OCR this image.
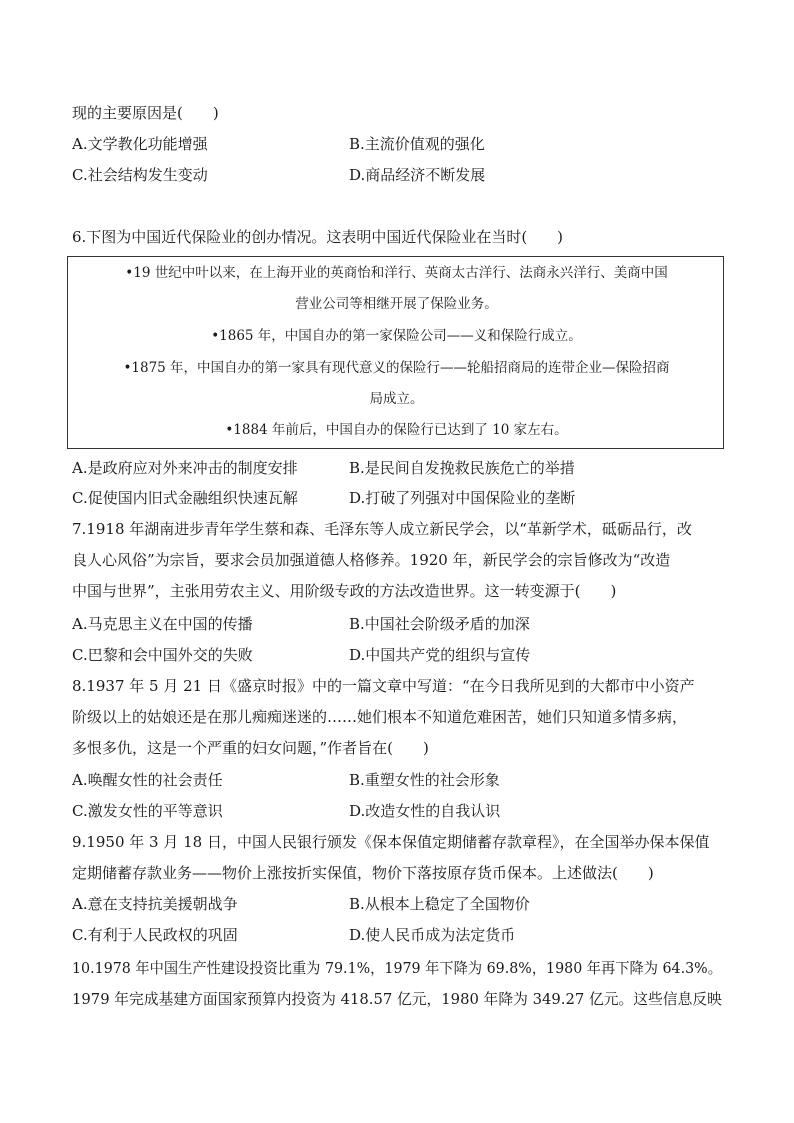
现的主要原因是(　　)
A.文学教化功能增强	B.主流价值观的强化
C.社会结构发生变动	D.商品经济不断发展
6.下图为中国近代保险业的创办情况。这表明中国近代保险业在当时(　　)
•19 世纪中叶以来，在上海开业的英商怡和洋行、英商太古洋行、法商永兴洋行、美商中国
营业公司等相继开展了保险业务。
•1865 年，中国自办的第一家保险公司——义和保险行成立。
•1875 年，中国自办的第一家具有现代意义的保险行——轮船招商局的连带企业—保险招商
局成立。
•1884 年前后，中国自办的保险行已达到了 10 家左右。
A.是政府应对外来冲击的制度安排	B.是民间自发挽救民族危亡的举措
C.促使国内旧式金融组织快速瓦解	D.打破了列强对中国保险业的垄断
7.1918 年湖南进步青年学生蔡和森、毛泽东等人成立新民学会，以“革新学术，砥砺品行，改
良人心风俗”为宗旨，要求会员加强道德人格修养。1920 年，新民学会的宗旨修改为“改造
中国与世界”，主张用劳农主义、用阶级专政的方法改造世界。这一转变源于(　　)
A.马克思主义在中国的传播	B.中国社会阶级矛盾的加深
C.巴黎和会中国外交的失败	D.中国共产党的组织与宣传
8.1937 年 5 月 21 日《盛京时报》中的一篇文章中写道：“在今日我所见到的大都市中小资产
阶级以上的姑娘还是在那儿痴痴迷迷的……她们根本不知道危难困苦，她们只知道多情多病，
多恨多仇，这是一个严重的妇女问题，”作者旨在(　　)
A.唤醒女性的社会责任	B.重塑女性的社会形象
C.激发女性的平等意识	D.改造女性的自我认识
9.1950 年 3 月 18 日，中国人民银行颁发《保本保值定期储蓄存款章程》，在全国举办保本保值
定期储蓄存款业务——物价上涨按折实保值，物价下落按原存货币保本。上述做法(　　)
A.意在支持抗美援朝战争	B.从根本上稳定了全国物价
C.有利于人民政权的巩固	D.使人民币成为法定货币
10.1978 年中国生产性建设投资比重为 79.1%，1979 年下降为 69.8%，1980 年再下降为 64.3%。
1979 年完成基建方面国家预算内投资为 418.57 亿元，1980 年降为 349.27 亿元。这些信息反映
